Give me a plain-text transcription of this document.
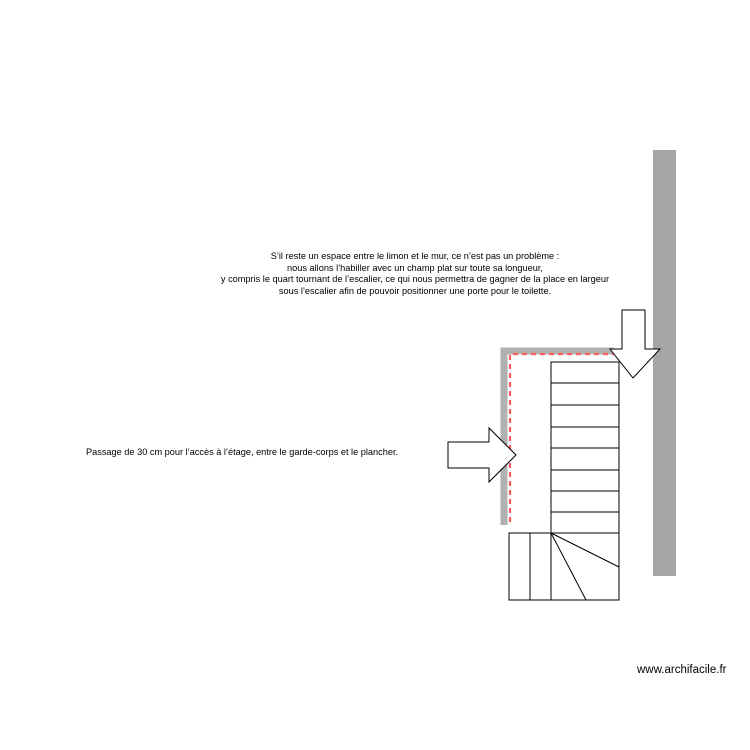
S’il reste un espace entre le limon et le mur, ce n’est pas un problème :
nous allons l’habiller avec un champ plat sur toute sa longueur,
y compris le quart tournant de l’escalier, ce qui nous permettra de gagner de la place en largeur
sous l’escalier afin de pouvoir positionner une porte pour le toilette.
Passage de 30 cm pour l’accès à l’étage, entre le garde-corps et le plancher.
www.archifacile.fr
